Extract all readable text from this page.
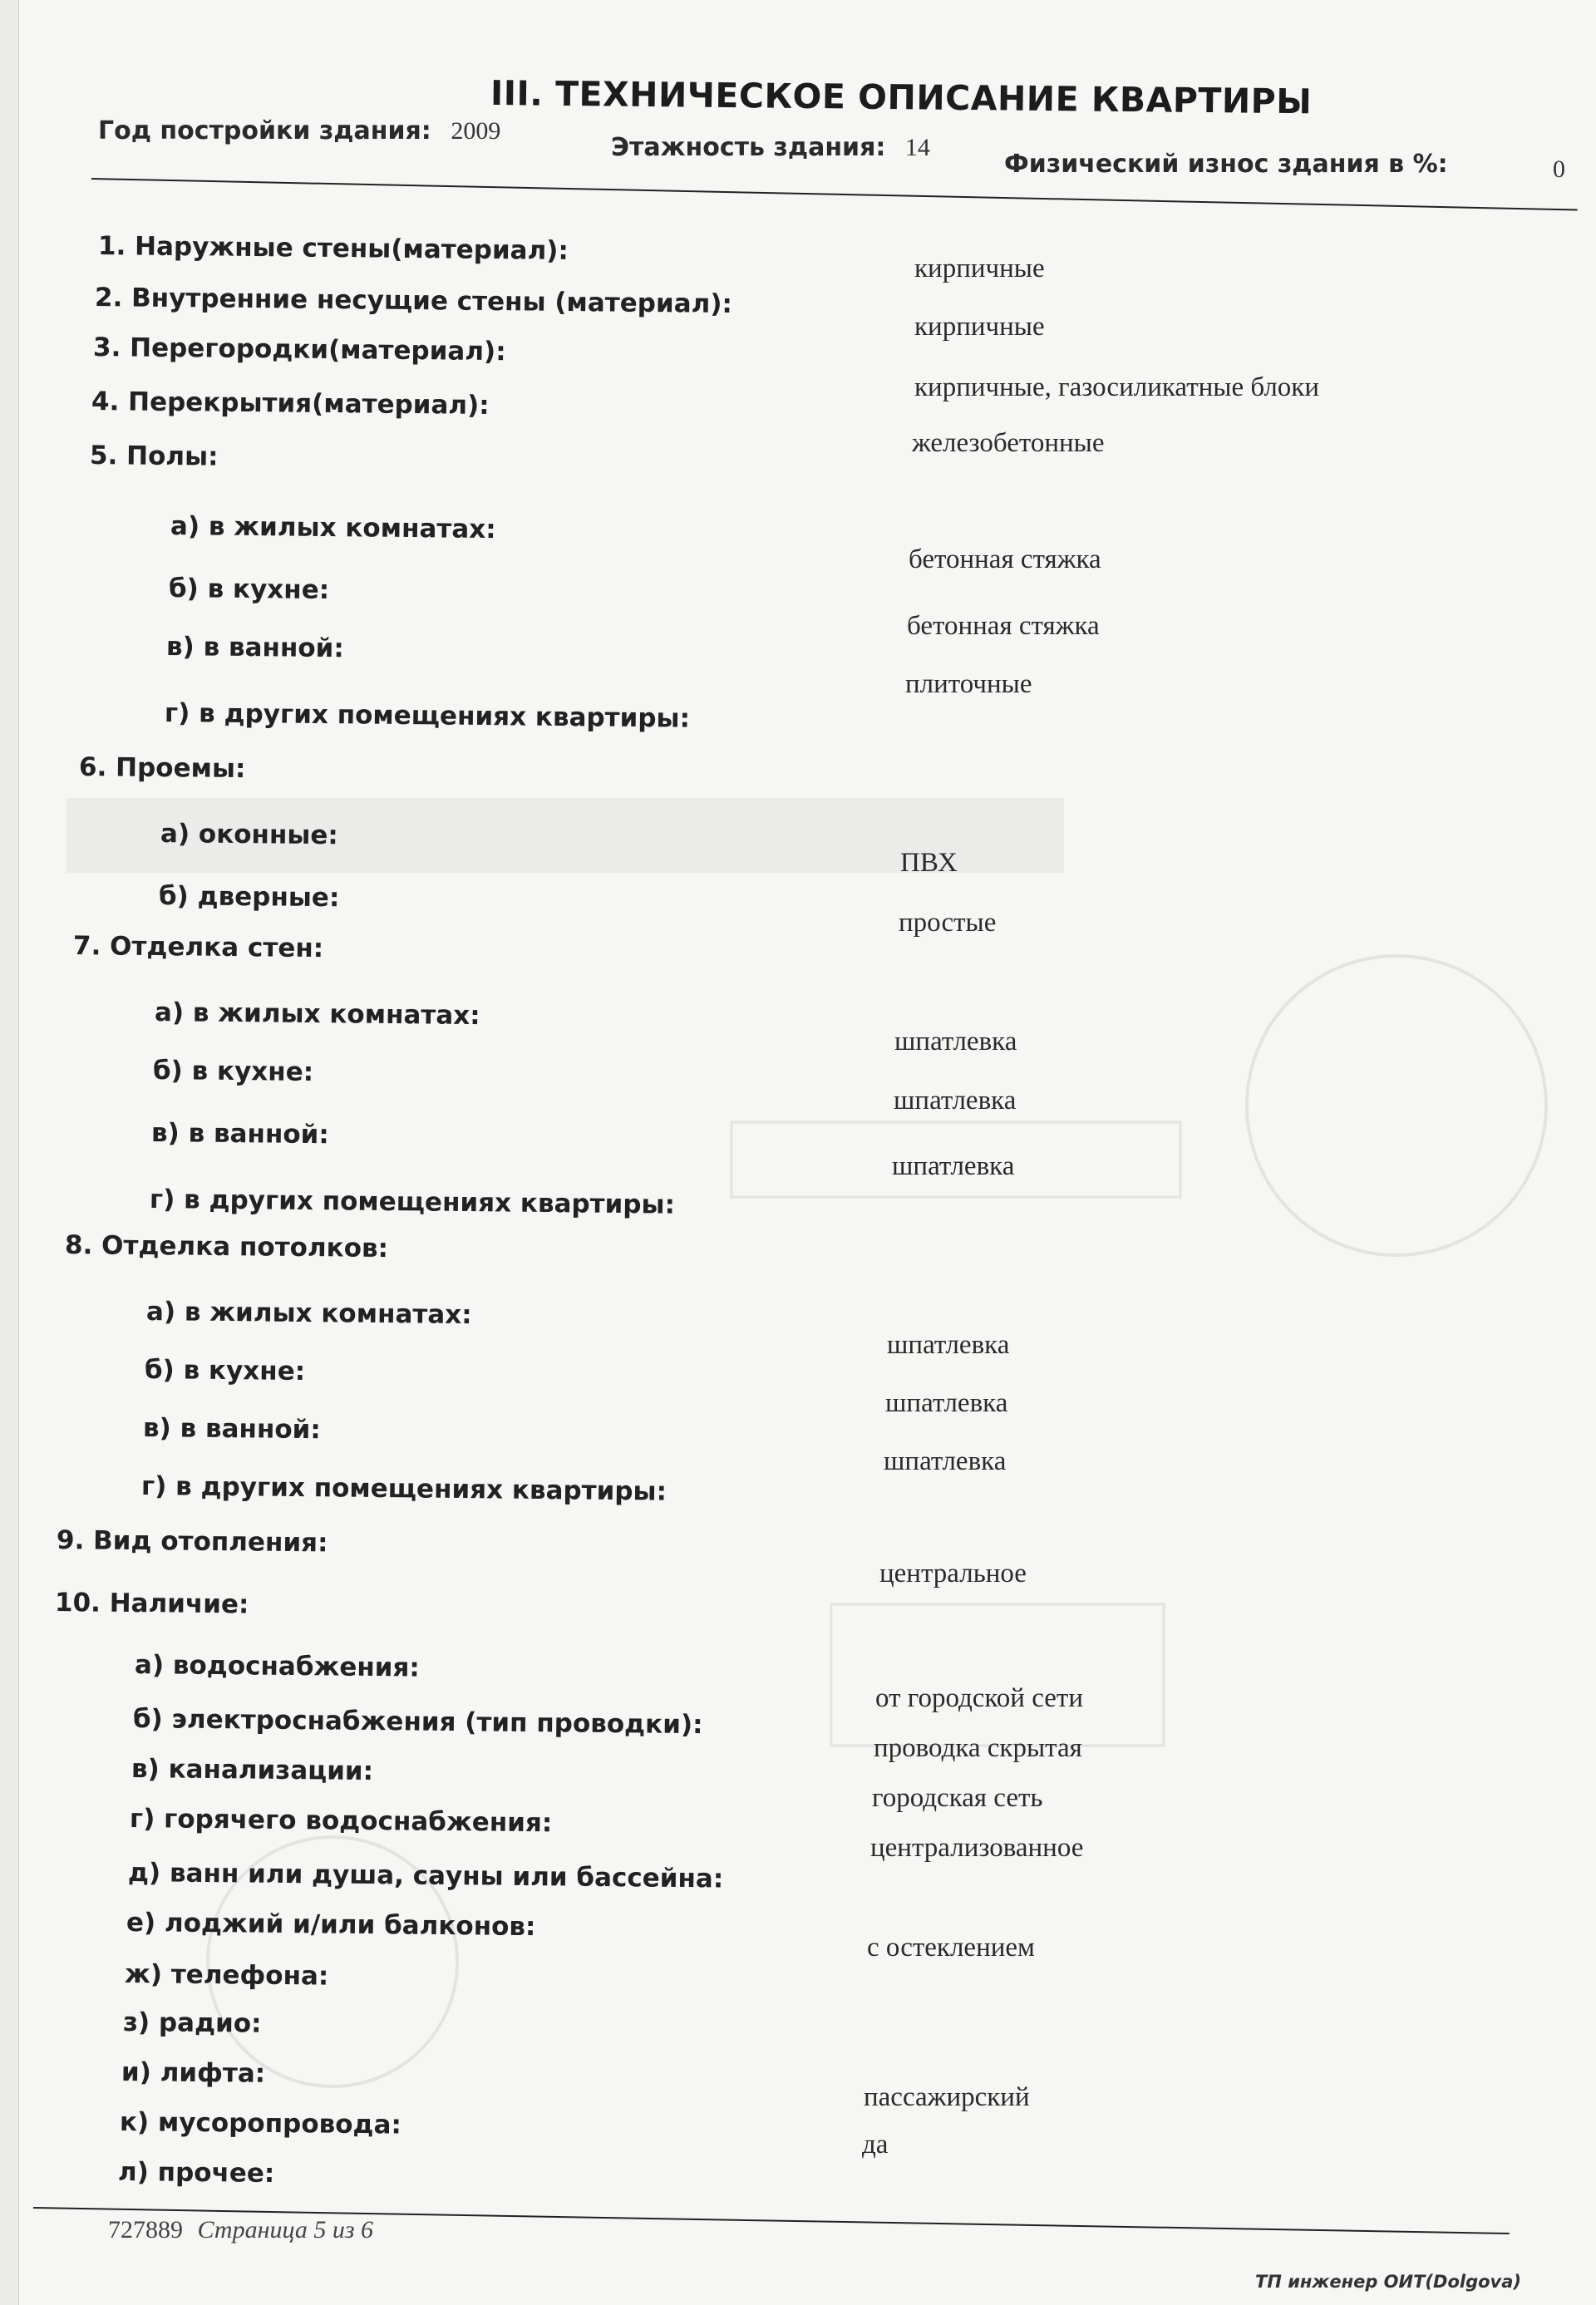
III. ТЕХНИЧЕСКОЕ ОПИСАНИЕ КВАРТИРЫ
Год постройки здания: 2009
Этажность здания: 14
Физический износ здания в %:	0
1. Наружные стены(материал):
кирпичные
2. Внутренние несущие стены (материал):
кирпичные
3. Перегородки(материал):
кирпичные, газосиликатные блоки
4. Перекрытия(материал):
железобетонные
5. Полы:
а) в жилых комнатах:
бетонная стяжка
б) в кухне:
бетонная стяжка
в) в ванной:
плиточные
г) в других помещениях квартиры:
6. Проемы:
а) оконные:
ПВХ
б) дверные:
простые
7. Отделка стен:
а) в жилых комнатах:
шпатлевка
б) в кухне:
шпатлевка
в) в ванной:
шпатлевка
г) в других помещениях квартиры:
8. Отделка потолков:
а) в жилых комнатах:
шпатлевка
б) в кухне:
шпатлевка
в) в ванной:
шпатлевка
г) в других помещениях квартиры:
9. Вид отопления:
центральное
10. Наличие:
а) водоснабжения:
от городской сети
б) электроснабжения (тип проводки):
проводка скрытая
в) канализации:
городская сеть
г) горячего водоснабжения:
централизованное
д) ванн или душа, сауны или бассейна:
е) лоджий и/или балконов:
с остеклением
ж) телефона:
з) радио:
и) лифта:
пассажирский
к) мусоропровода:
да
л) прочее:
727889 Страница 5 из 6
ТП инженер ОИТ(Dolgova)
